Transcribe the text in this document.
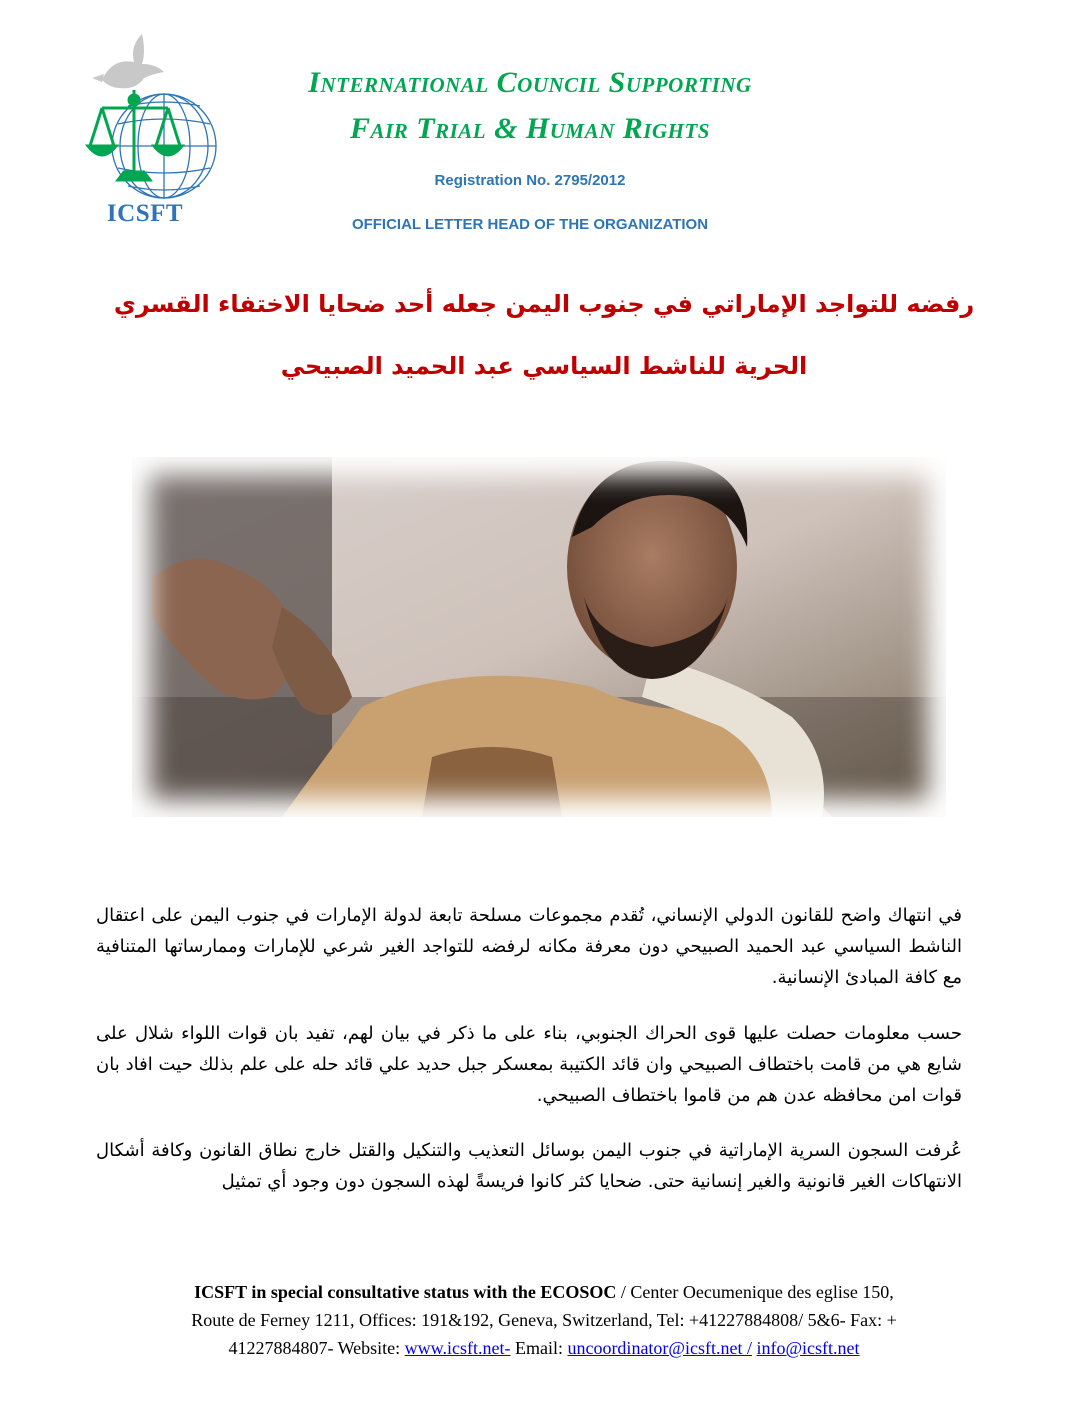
ICSFT
International Council Supporting
Fair Trial & Human Rights
Registration No. 2795/2012
OFFICIAL LETTER HEAD OF THE ORGANIZATION
رفضه للتواجد الإماراتي في جنوب اليمن جعله أحد ضحايا الاختفاء القسري
الحرية للناشط السياسي عبد الحميد الصبيحي
في انتهاك واضح للقانون الدولي الإنساني، تُقدم مجموعات مسلحة تابعة لدولة الإمارات في جنوب اليمن على اعتقال الناشط السياسي عبد الحميد الصبيحي دون معرفة مكانه لرفضه للتواجد الغير شرعي للإمارات وممارساتها المتنافية مع كافة المبادئ الإنسانية.
حسب معلومات حصلت عليها قوى الحراك الجنوبي، بناء على ما ذكر في بيان لهم، تفيد بان قوات اللواء شلال على شايع هي من قامت باختطاف الصبيحي وان قائد الكتيبة بمعسكر جبل حديد علي قائد حله على علم بذلك حيت افاد بان قوات امن محافظه عدن هم من قاموا باختطاف الصبيحي.
عُرفت السجون السرية الإماراتية في جنوب اليمن بوسائل التعذيب والتنكيل والقتل خارج نطاق القانون وكافة أشكال الانتهاكات الغير قانونية والغير إنسانية حتى. ضحايا كثر كانوا فريسةً لهذه السجون دون وجود أي تمثيل
ICSFT in special consultative status with the ECOSOC / Center Oecumenique des eglise 150,
Route de Ferney 1211, Offices: 191&192, Geneva, Switzerland, Tel: +41227884808/ 5&6- Fax: +
41227884807- Website: www.icsft.net- Email: uncoordinator@icsft.net / info@icsft.net
